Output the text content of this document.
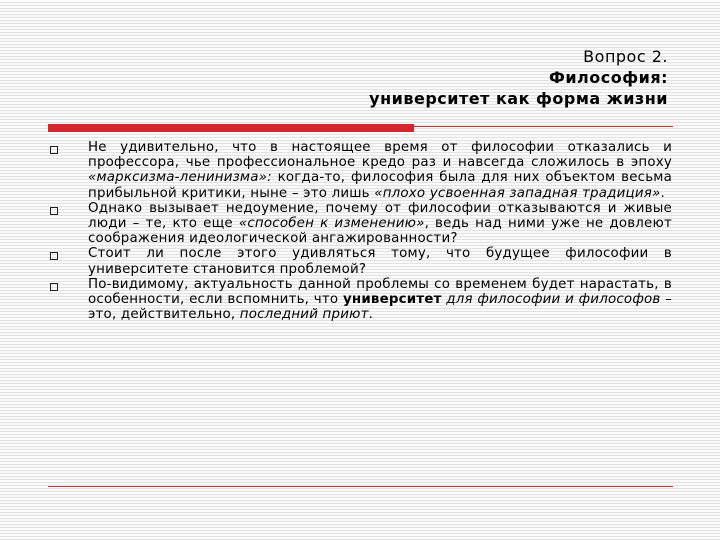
Вопрос 2.
Философия:
университет как форма жизни
Не удивительно, что в настоящее время от философии отказались и профессора, чье профессиональное кредо раз и навсегда сложилось в эпоху «марксизма-ленинизма»: когда-то, философия была для них объектом весьма прибыльной критики, ныне – это лишь «плохо усвоенная западная традиция».
Однако вызывает недоумение, почему от философии отказываются и живые люди – те, кто еще «способен к изменению», ведь над ними уже не довлеют соображения идеологической ангажированности?
Стоит ли после этого удивляться тому, что будущее философии в университете становится проблемой?
По-видимому, актуальность данной проблемы со временем будет нарастать, в особенности, если вспомнить, что университет для философии и философов – это, действительно, последний приют.
